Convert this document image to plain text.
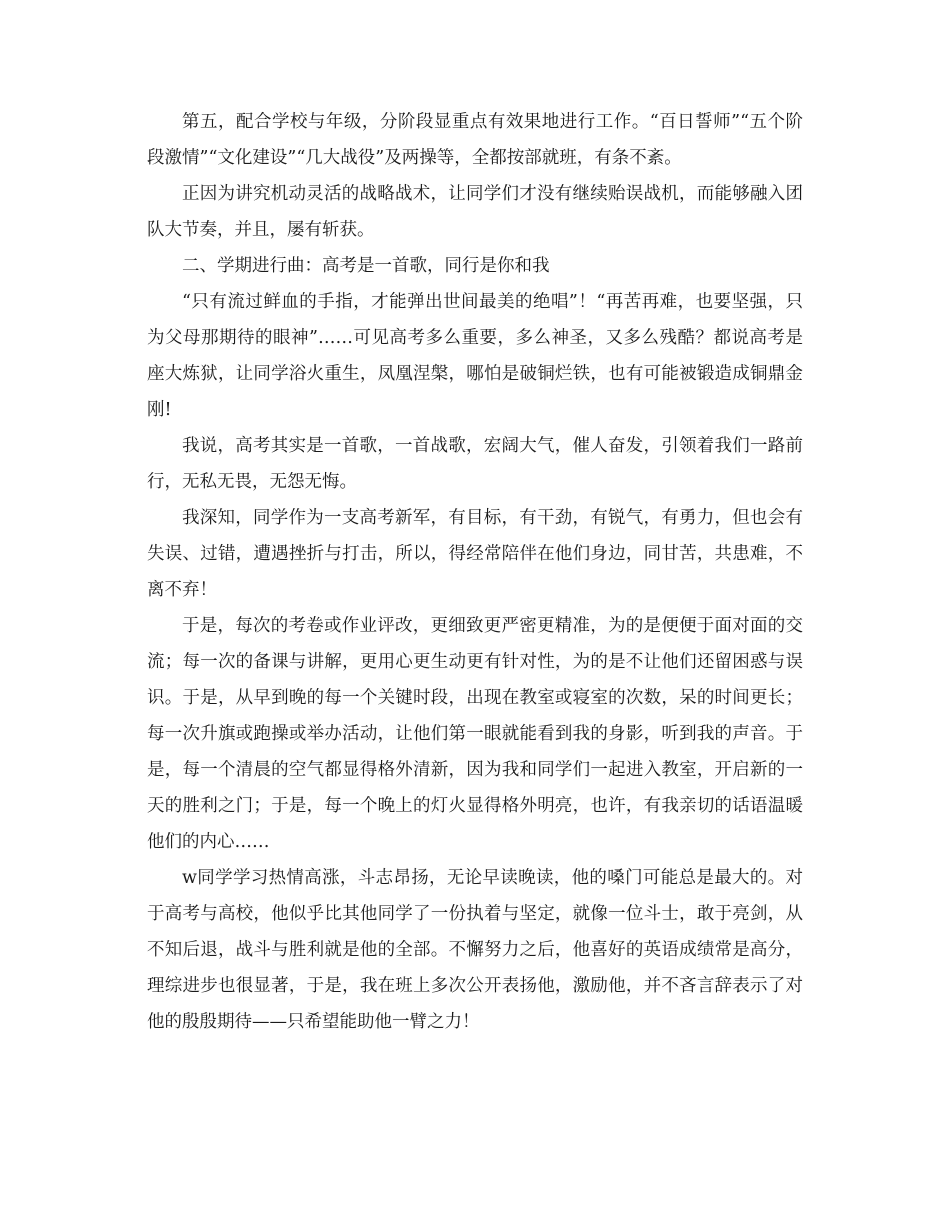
第五，配合学校与年级，分阶段显重点有效果地进行工作。“百日誓师”“五个阶段激情”“文化建设”“几大战役”及两操等，全都按部就班，有条不紊。

正因为讲究机动灵活的战略战术，让同学们才没有继续贻误战机，而能够融入团队大节奏，并且，屡有斩获。

二、学期进行曲：高考是一首歌，同行是你和我

“只有流过鲜血的手指，才能弹出世间最美的绝唱”！“再苦再难，也要坚强，只为父母那期待的眼神”……可见高考多么重要，多么神圣，又多么残酷？都说高考是座大炼狱，让同学浴火重生，凤凰涅槃，哪怕是破铜烂铁，也有可能被锻造成铜鼎金刚!

我说，高考其实是一首歌，一首战歌，宏阔大气，催人奋发，引领着我们一路前行，无私无畏，无怨无悔。

我深知，同学作为一支高考新军，有目标，有干劲，有锐气，有勇力，但也会有失误、过错，遭遇挫折与打击，所以，得经常陪伴在他们身边，同甘苦，共患难，不离不弃！

于是，每次的考卷或作业评改，更细致更严密更精准，为的是便便于面对面的交流；每一次的备课与讲解，更用心更生动更有针对性，为的是不让他们还留困惑与误识。于是，从早到晚的每一个关键时段，出现在教室或寝室的次数，呆的时间更长；每一次升旗或跑操或举办活动，让他们第一眼就能看到我的身影，听到我的声音。于是，每一个清晨的空气都显得格外清新，因为我和同学们一起进入教室，开启新的一天的胜利之门；于是，每一个晚上的灯火显得格外明亮，也许，有我亲切的话语温暖他们的内心……

w同学学习热情高涨，斗志昂扬，无论早读晚读，他的嗓门可能总是最大的。对于高考与高校，他似乎比其他同学了一份执着与坚定，就像一位斗士，敢于亮剑，从不知后退，战斗与胜利就是他的全部。不懈努力之后，他喜好的英语成绩常是高分，理综进步也很显著，于是，我在班上多次公开表扬他，激励他，并不吝言辞表示了对他的殷殷期待——只希望能助他一臂之力！
